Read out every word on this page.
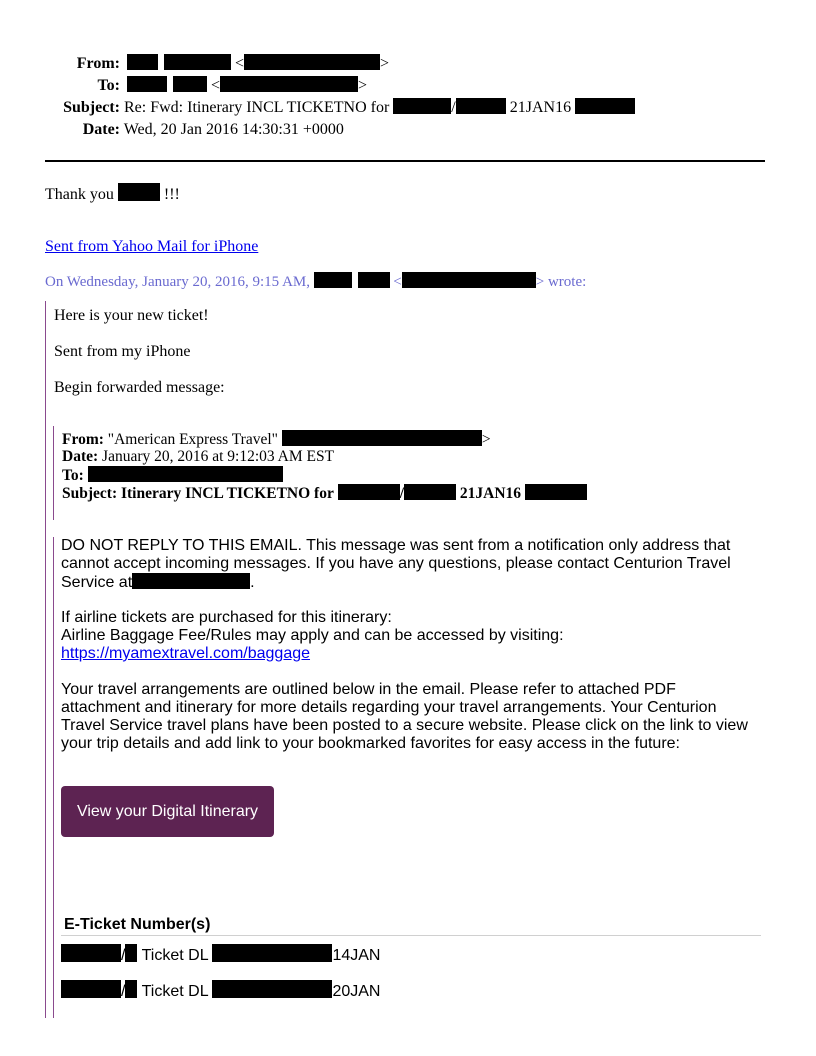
From:	<	>
To:	<	>
Subject: Re: Fwd: Itinerary INCL TICKETNO for	/	21JAN16
Date: Wed, 20 Jan 2016 14:30:31 +0000
Thank you	!!!
Sent from Yahoo Mail for iPhone
On Wednesday, January 20, 2016, 9:15 AM,	<	> wrote:
Here is your new ticket!
Sent from my iPhone
Begin forwarded message:
From: "American Express Travel"	>
Date: January 20, 2016 at 9:12:03 AM EST
To:
Subject: Itinerary INCL TICKETNO for	/	21JAN16
DO NOT REPLY TO THIS EMAIL. This message was sent from a notification only address that
cannot accept incoming messages. If you have any questions, please contact Centurion Travel
Service at	.
If airline tickets are purchased for this itinerary:
Airline Baggage Fee/Rules may apply and can be accessed by visiting:
https://myamextravel.com/baggage
Your travel arrangements are outlined below in the email. Please refer to attached PDF
attachment and itinerary for more details regarding your travel arrangements. Your Centurion
Travel Service travel plans have been posted to a secure website. Please click on the link to view
your trip details and add link to your bookmarked favorites for easy access in the future:
View your Digital Itinerary
E-Ticket Number(s)
/ Ticket DL	14JAN
/ Ticket DL	20JAN
